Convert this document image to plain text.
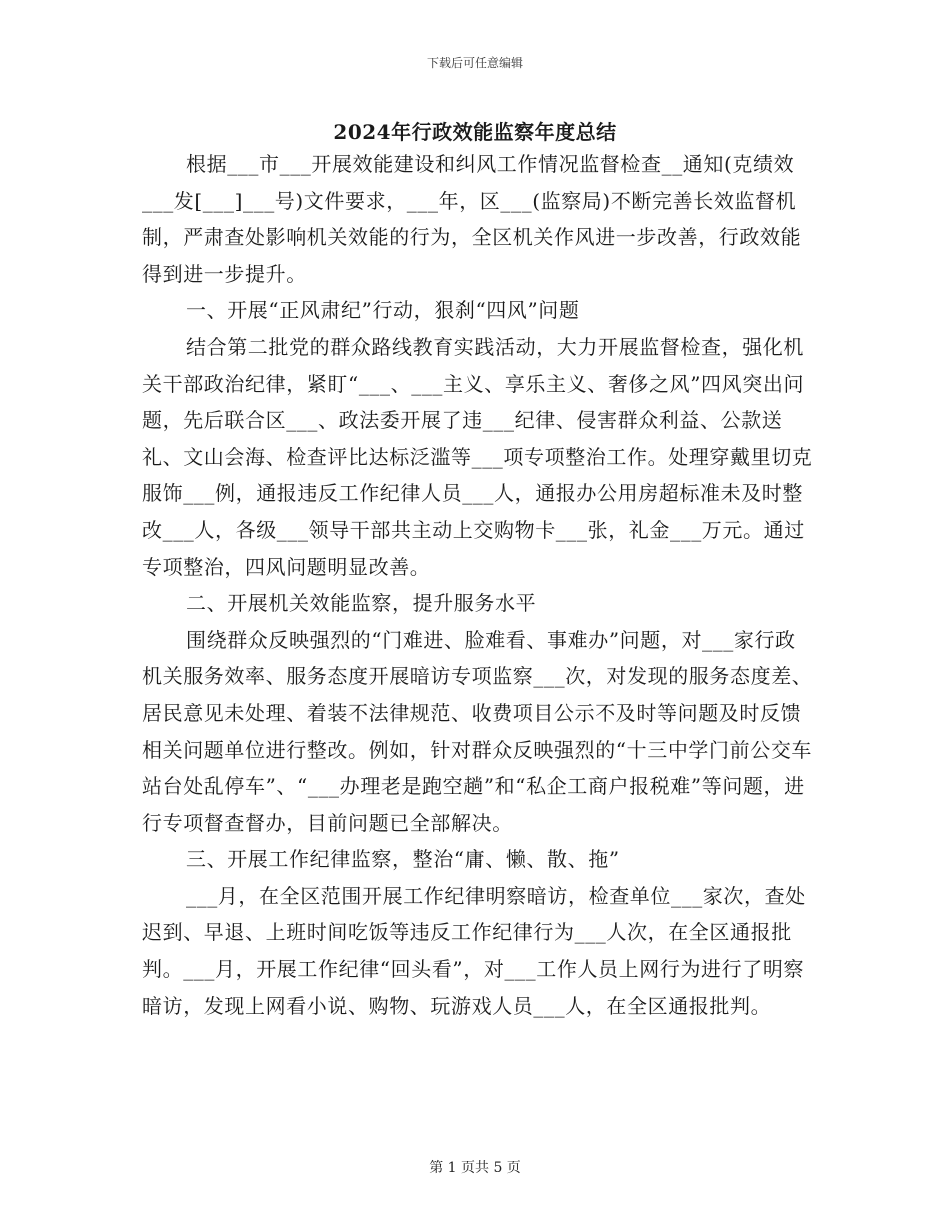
下载后可任意编辑
2024年行政效能监察年度总结

根据___市___开展效能建设和纠风工作情况监督检查__通知(克绩效___发[___]___号)文件要求，___年，区___(监察局)不断完善长效监督机制，严肃查处影响机关效能的行为，全区机关作风进一步改善，行政效能得到进一步提升。

一、开展“正风肃纪”行动，狠刹“四风”问题

结合第二批党的群众路线教育实践活动，大力开展监督检查，强化机关干部政治纪律，紧盯“___、___主义、享乐主义、奢侈之风”四风突出问题，先后联合区___、政法委开展了违___纪律、侵害群众利益、公款送礼、文山会海、检查评比达标泛滥等___项专项整治工作。处理穿戴里切克服饰___例，通报违反工作纪律人员___人，通报办公用房超标准未及时整改___人，各级___领导干部共主动上交购物卡___张，礼金___万元。通过专项整治，四风问题明显改善。

二、开展机关效能监察，提升服务水平

围绕群众反映强烈的“门难进、脸难看、事难办”问题，对___家行政机关服务效率、服务态度开展暗访专项监察___次，对发现的服务态度差、居民意见未处理、着装不法律规范、收费项目公示不及时等问题及时反馈相关问题单位进行整改。例如，针对群众反映强烈的“十三中学门前公交车站台处乱停车”、“___办理老是跑空趟”和“私企工商户报税难”等问题，进行专项督查督办，目前问题已全部解决。

三、开展工作纪律监察，整治“庸、懒、散、拖”

___月，在全区范围开展工作纪律明察暗访，检查单位___家次，查处迟到、早退、上班时间吃饭等违反工作纪律行为___人次，在全区通报批判。___月，开展工作纪律“回头看”，对___工作人员上网行为进行了明察暗访，发现上网看小说、购物、玩游戏人员___人，在全区通报批判。

第 1 页共 5 页
